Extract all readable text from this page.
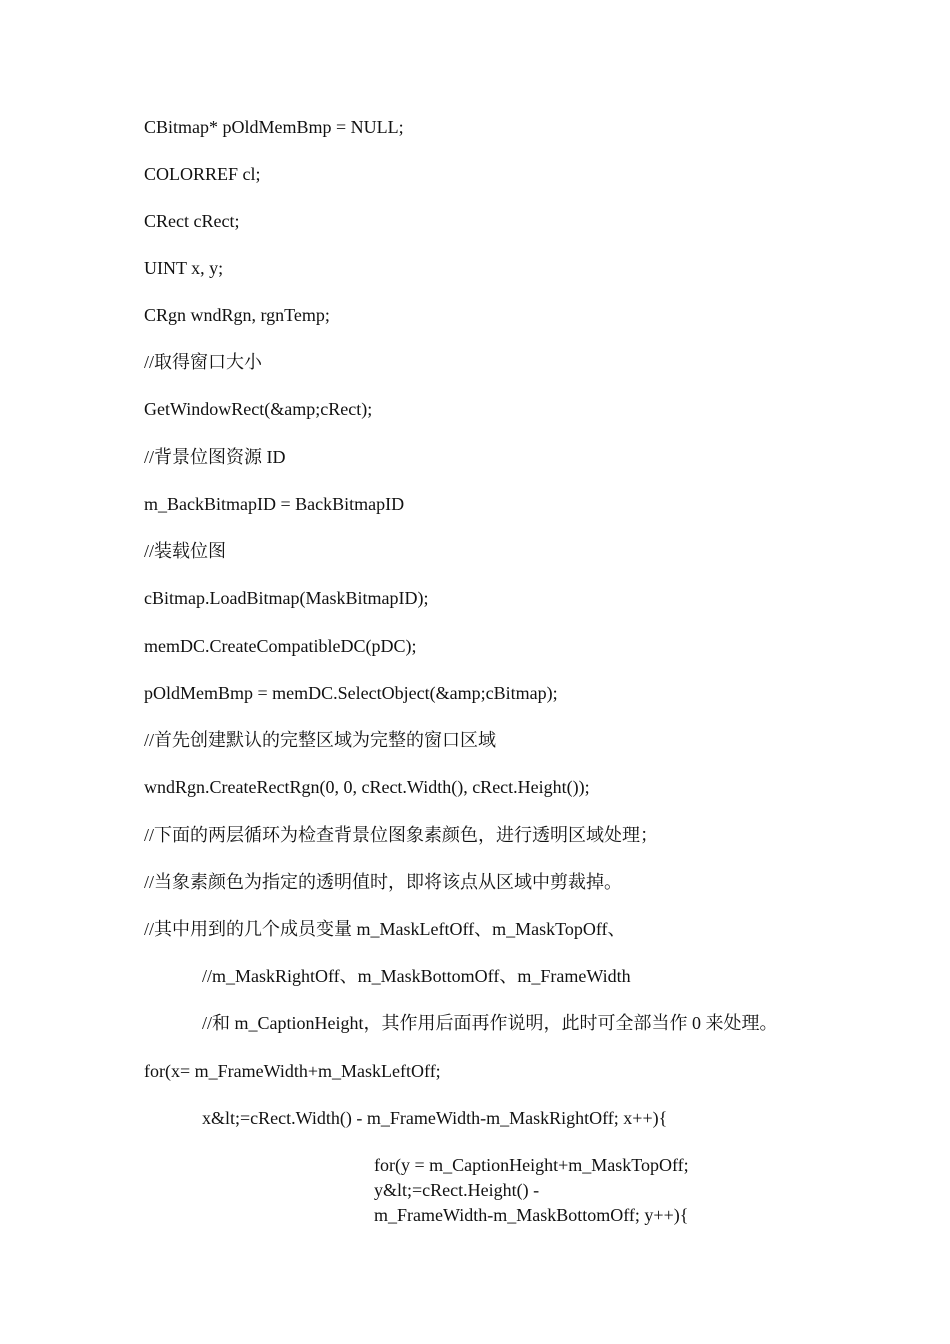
CBitmap* pOldMemBmp = NULL;
COLORREF cl;
CRect cRect;
UINT x, y;
CRgn wndRgn, rgnTemp;
//取得窗口大小
GetWindowRect(&amp;cRect);
//背景位图资源 ID
m_BackBitmapID = BackBitmapID
//装载位图
cBitmap.LoadBitmap(MaskBitmapID);
memDC.CreateCompatibleDC(pDC);
pOldMemBmp = memDC.SelectObject(&amp;cBitmap);
//首先创建默认的完整区域为完整的窗口区域
wndRgn.CreateRectRgn(0, 0, cRect.Width(), cRect.Height());
//下面的两层循环为检查背景位图象素颜色，进行透明区域处理；
//当象素颜色为指定的透明值时，即将该点从区域中剪裁掉。
//其中用到的几个成员变量 m_MaskLeftOff、m_MaskTopOff、
//m_MaskRightOff、m_MaskBottomOff、m_FrameWidth
//和 m_CaptionHeight，其作用后面再作说明，此时可全部当作 0 来处理。
for(x= m_FrameWidth+m_MaskLeftOff;
x&lt;=cRect.Width() - m_FrameWidth-m_MaskRightOff; x++){
for(y = m_CaptionHeight+m_MaskTopOff;
y&lt;=cRect.Height() -
m_FrameWidth-m_MaskBottomOff; y++){
